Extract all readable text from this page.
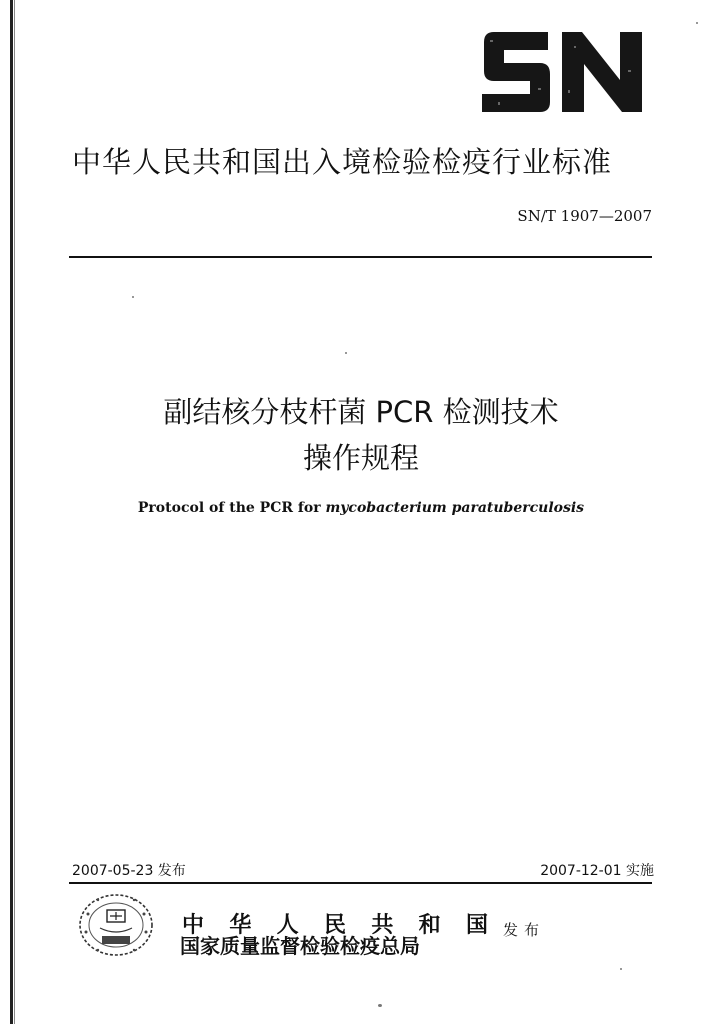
中华人民共和国出入境检验检疫行业标准
SN/T 1907—2007
副结核分枝杆菌 PCR 检测技术
操作规程
Protocol of the PCR for mycobacterium paratuberculosis
2007-05-23 发布	2007-12-01 实施
中 华 人 民 共 和 国
国家质量监督检验检疫总局
发布
